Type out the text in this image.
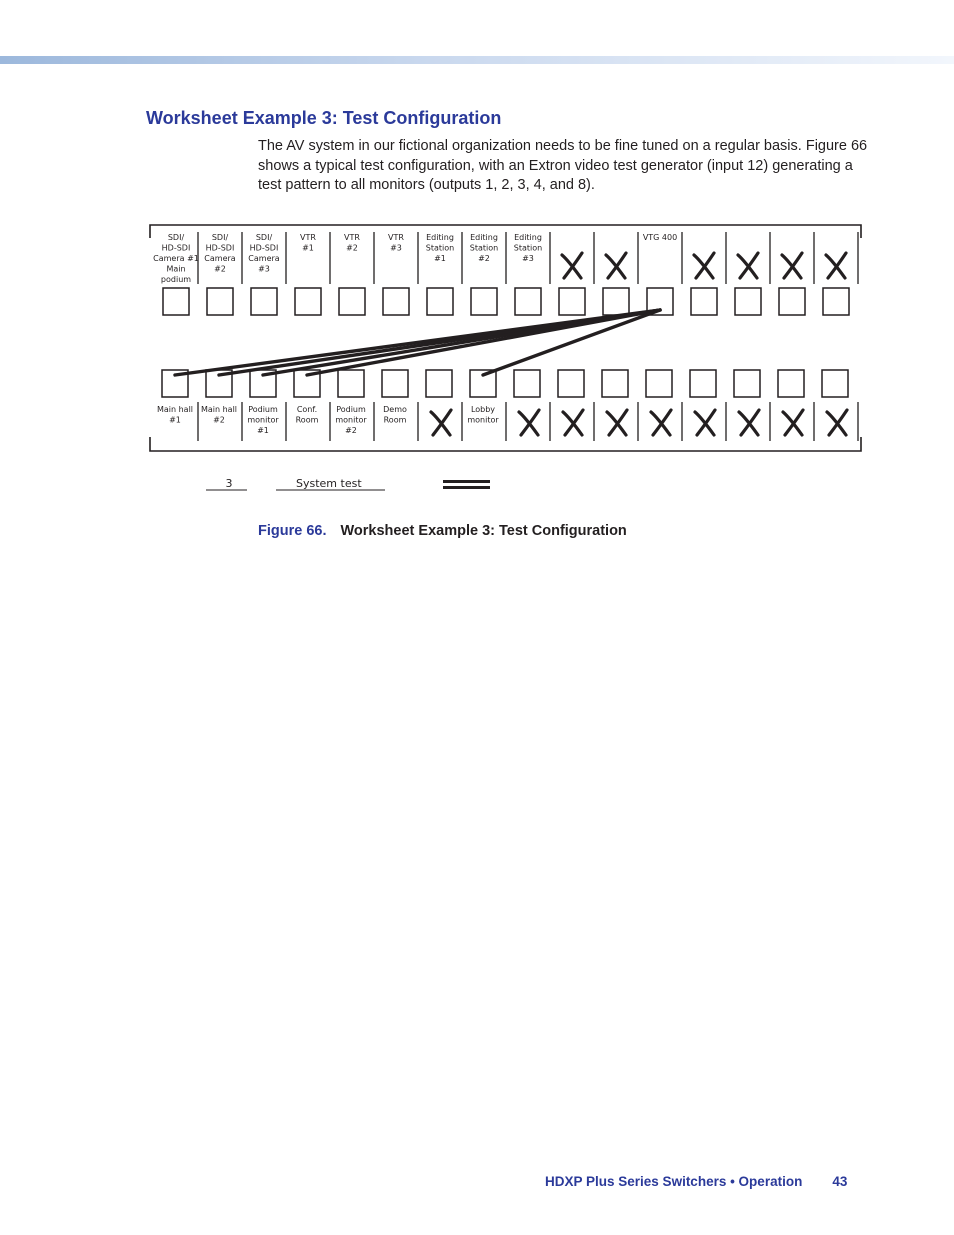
Worksheet Example 3: Test Configuration

The AV system in our fictional organization needs to be fine tuned on a regular basis. Figure 66 shows a typical test configuration, with an Extron video test generator (input 12) generating a test pattern to all monitors (outputs 1, 2, 3, 4, and 8).

SDI/ HD-SDI Camera #1 Main podium
SDI/ HD-SDI Camera #2
SDI/ HD-SDI Camera #3
VTR #1
VTR #2
VTR #3
Editing Station #1
Editing Station #2
Editing Station #3
VTG 400
Main hall #1
Main hall #2
Podium monitor #1
Conf. Room
Podium monitor #2
Demo Room
Lobby monitor
3	System test
Figure 66. Worksheet Example 3: Test Configuration
HDXP Plus Series Switchers • Operation 43
